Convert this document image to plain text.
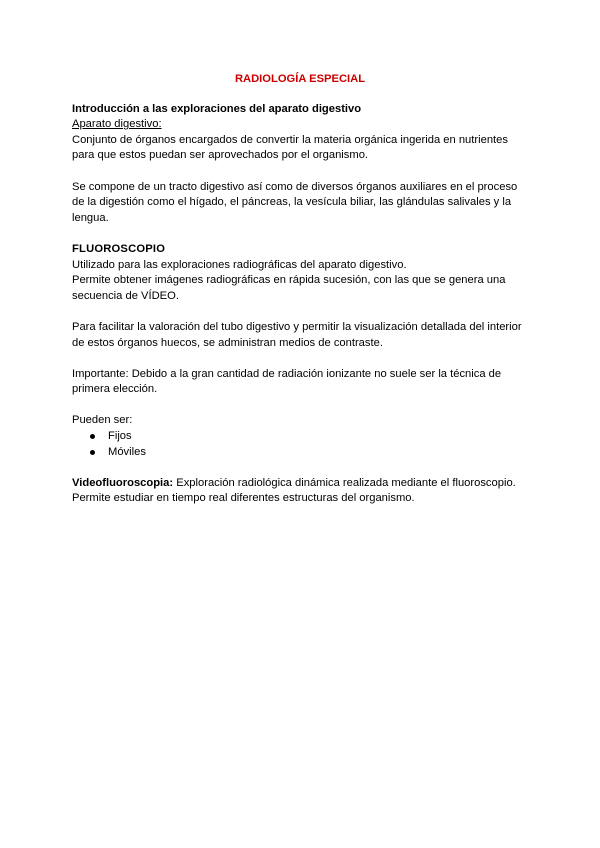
RADIOLOGÍA ESPECIAL

Introducción a las exploraciones del aparato digestivo

Aparato digestivo:

Conjunto de órganos encargados de convertir la materia orgánica ingerida en nutrientes para que estos puedan ser aprovechados por el organismo.

Se compone de un tracto digestivo así como de diversos órganos auxiliares en el proceso de la digestión como el hígado, el páncreas, la vesícula biliar, las glándulas salivales y la lengua.

FLUOROSCOPIO

Utilizado para las exploraciones radiográficas del aparato digestivo.

Permite obtener imágenes radiográficas en rápida sucesión, con las que se genera una secuencia de VÍDEO.

Para facilitar la valoración del tubo digestivo y permitir la visualización detallada del interior de estos órganos huecos, se administran medios de contraste.

Importante: Debido a la gran cantidad de radiación ionizante no suele ser la técnica de primera elección.

Pueden ser:

Fijos
Móviles

Videofluoroscopia: Exploración radiológica dinámica realizada mediante el fluoroscopio. Permite estudiar en tiempo real diferentes estructuras del organismo.
